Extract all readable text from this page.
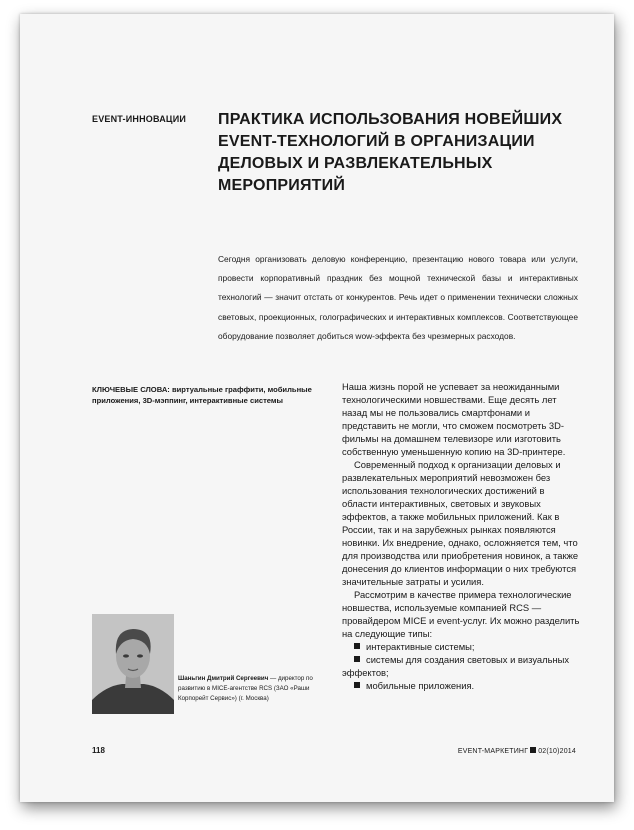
EVENT-ИННОВАЦИИ ПРАКТИКА ИСПОЛЬЗОВАНИЯ НОВЕЙШИХ EVENT-ТЕХНОЛОГИЙ В ОРГАНИЗАЦИИ ДЕЛОВЫХ И РАЗВЛЕКАТЕЛЬНЫХ МЕРОПРИЯТИЙ

Сегодня организовать деловую конференцию, презентацию нового товара или услуги, провести корпоративный праздник без мощной технической базы и интерактивных технологий — значит отстать от конкурентов. Речь идет о применении технически сложных световых, проекционных, голографических и интерактивных комплексов. Соответствующее оборудование позволяет добиться wow-эффекта без чрезмерных расходов.

КЛЮЧЕВЫЕ СЛОВА: виртуальные граффити, мобильные приложения, 3D-мэппинг, интерактивные системы

Наша жизнь порой не успевает за неожиданными технологическими новшествами. Еще десять лет назад мы не пользовались смартфонами и представить не могли, что сможем посмотреть 3D-фильмы на домашнем телевизоре или изготовить собственную уменьшенную копию на 3D-принтере.

Современный подход к организации деловых и развлекательных мероприятий невозможен без использования технологических достижений в области интерактивных, световых и звуковых эффектов, а также мобильных приложений. Как в России, так и на зарубежных рынках появляются новинки. Их внедрение, однако, осложняется тем, что для производства или приобретения новинок, а также донесения до клиентов информации о них требуются значительные затраты и усилия.

Рассмотрим в качестве примера технологические новшества, используемые компанией RCS — провайдером MICE и event-услуг. Их можно разделить на следующие типы:

интерактивные системы;
системы для создания световых и визуальных эффектов;
мобильные приложения.

Шаньгин Дмитрий Сергеевич — директор по развитию в MICE-агентстве RCS (ЗАО «Раши Корпорейт Сервис») (г. Москва)

118	EVENT-МАРКЕТИНГ 02(10)2014
